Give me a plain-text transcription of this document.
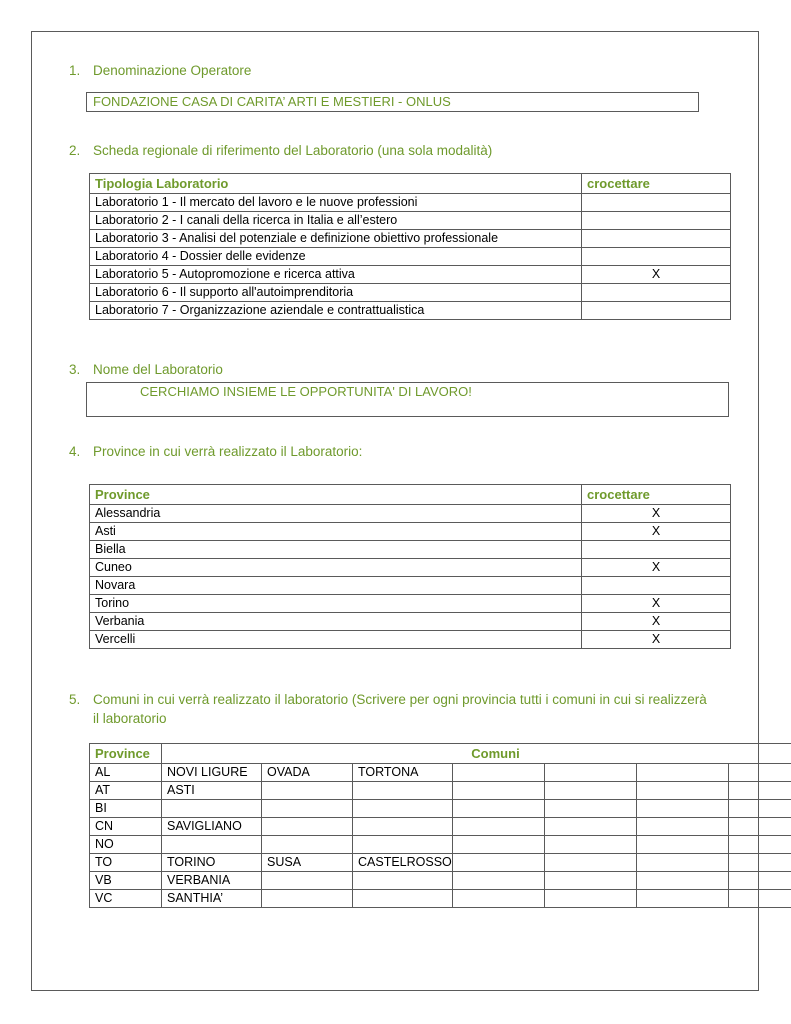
1. Denominazione Operatore
FONDAZIONE CASA DI CARITA’ ARTI E MESTIERI - ONLUS
2. Scheda regionale di riferimento del Laboratorio (una sola modalità)
Tipologia Laboratorio	crocettare
Laboratorio 1 - Il mercato del lavoro e le nuove professioni	
Laboratorio 2 - I canali della ricerca in Italia e all’estero	
Laboratorio 3 - Analisi del potenziale e definizione obiettivo professionale	
Laboratorio 4 - Dossier delle evidenze	
Laboratorio 5 - Autopromozione e ricerca attiva	X
Laboratorio 6 - Il supporto all'autoimprenditoria	
Laboratorio 7 - Organizzazione aziendale e contrattualistica	
3. Nome del Laboratorio
CERCHIAMO INSIEME LE OPPORTUNITA' DI LAVORO!
4. Province in cui verrà realizzato il Laboratorio:
Province	crocettare
Alessandria	X
Asti	X
Biella	
Cuneo	X
Novara	
Torino	X
Verbania	X
Vercelli	X
5. Comuni in cui verrà realizzato il laboratorio (Scrivere per ogni provincia tutti i comuni in cui si realizzerà il laboratorio
Province	Comuni						
AL	NOVI LIGURE	OVADA	TORTONA				
AT	ASTI						
BI							
CN	SAVIGLIANO						
NO							
TO	TORINO	SUSA	CASTELROSSO				
VB	VERBANIA						
VC	SANTHIA’						
